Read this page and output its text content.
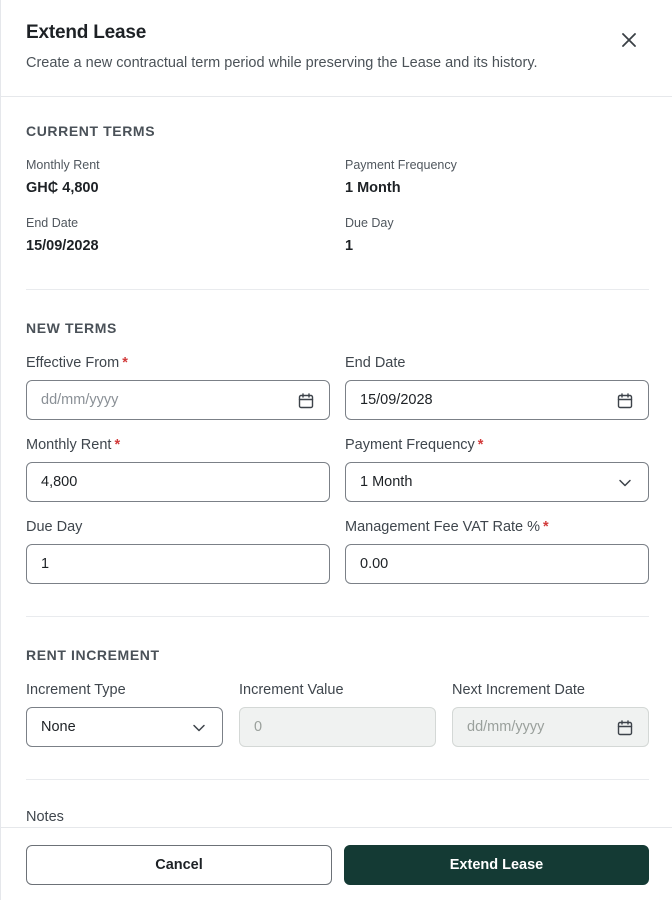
Extend Lease
Create a new contractual term period while preserving the Lease and its history.
CURRENT TERMS
Monthly Rent
GH₵ 4,800
Payment Frequency
1 Month
End Date
15/09/2028
Due Day
1
NEW TERMS
Effective From *
dd/mm/yyyy
End Date
15/09/2028
Monthly Rent *
4,800
Payment Frequency *
1 Month
Due Day
1
Management Fee VAT Rate % *
0.00
RENT INCREMENT
Increment Type
None
Increment Value
0
Next Increment Date
dd/mm/yyyy
Notes
Cancel	Extend Lease
